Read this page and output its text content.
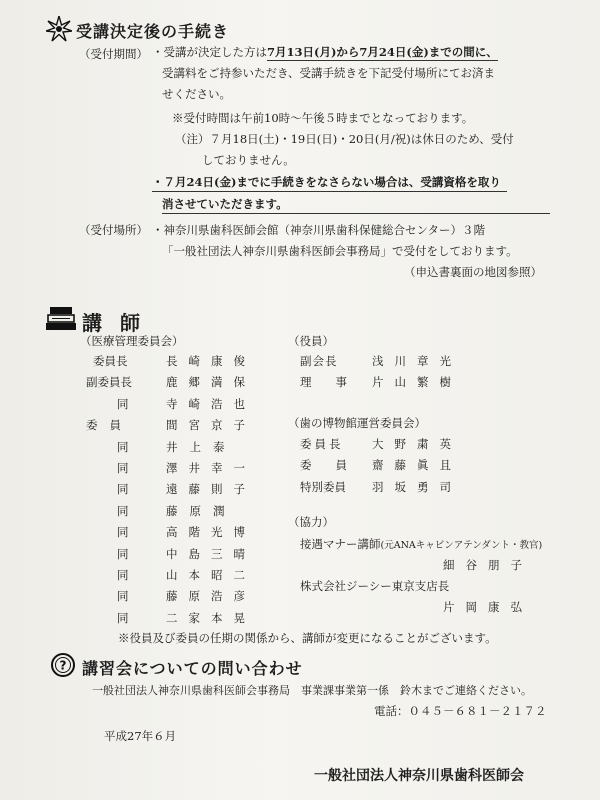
受講決定後の手続き
（受付期間） ・受講が決定した方は7月13日(月)から7月24日(金)までの間に、
受講料をご持参いただき、受講手続きを下記受付場所にてお済ま
せください。
※受付時間は午前10時～午後５時までとなっております。
（注）７月18日(土)・19日(日)・20日(月/祝)は休日のため、受付
しておりません。
・７月24日(金)までに手続きをなさらない場合は、受講資格を取り
消させていただきます。
（受付場所） ・神奈川県歯科医師会館（神奈川県歯科保健総合センター）３階
「一般社団法人神奈川県歯科医師会事務局」で受付をしております。
（申込書裏面の地図参照）
講師
（医療管理委員会）
委員長	長崎康俊
副委員長	鹿郷満保
同	寺崎浩也
委員	間宮京子
同	井上泰
同	澤井幸一
同	遠藤則子
同	藤原潤
同	高階光博
同	中島三晴
同	山本昭二
同	藤原浩彦
同	二家本晃
（役員）
副会長	浅川章光
理事 片山繁樹
（歯の博物館運営委員会）
委員長 大野粛英
委員 齋藤眞且
特別委員 羽坂勇司
（協力）
接遇マナー講師(元ANAキャビンアテンダント・教官)
細谷朋子
株式会社ジーシー東京支店長
片岡康弘
※役員及び委員の任期の関係から、講師が変更になることがございます。
? 講習会についての問い合わせ
一般社団法人神奈川県歯科医師会事務局　事業課事業第一係　鈴木までご連絡ください。
電話：０４５－６８１－２１７２
平成27年６月
一般社団法人神奈川県歯科医師会
